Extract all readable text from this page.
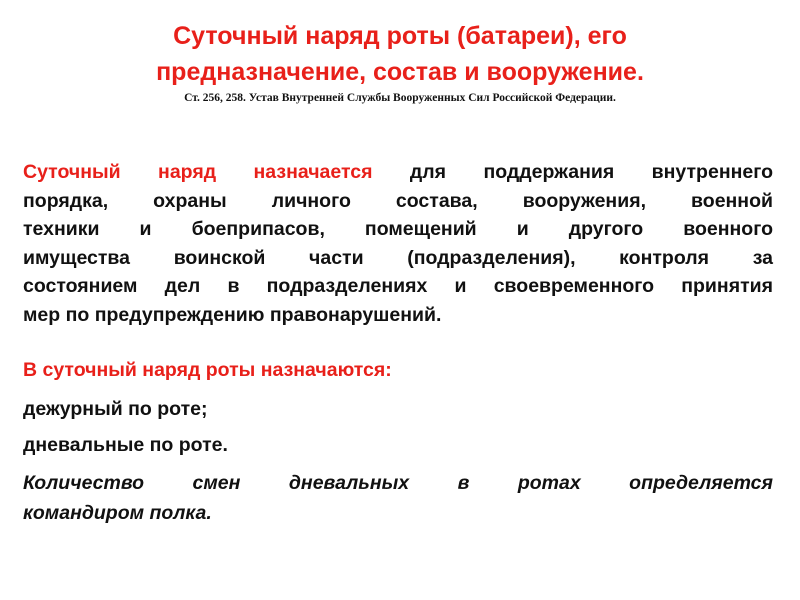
Суточный наряд роты (батареи), его
предназначение, состав и вооружение.

Ст. 256, 258. Устав Внутренней Службы Вооруженных Сил Российской Федерации.

Суточный наряд назначается для поддержания внутреннего
порядка, охраны личного состава, вооружения, военной
техники и боеприпасов, помещений и другого военного
имущества воинской части (подразделения), контроля за
состоянием дел в подразделениях и своевременного принятия
мер по предупреждению правонарушений.

В суточный наряд роты назначаются:

дежурный по роте;

дневальные по роте.

Количество смен дневальных в ротах определяется
командиром полка.
